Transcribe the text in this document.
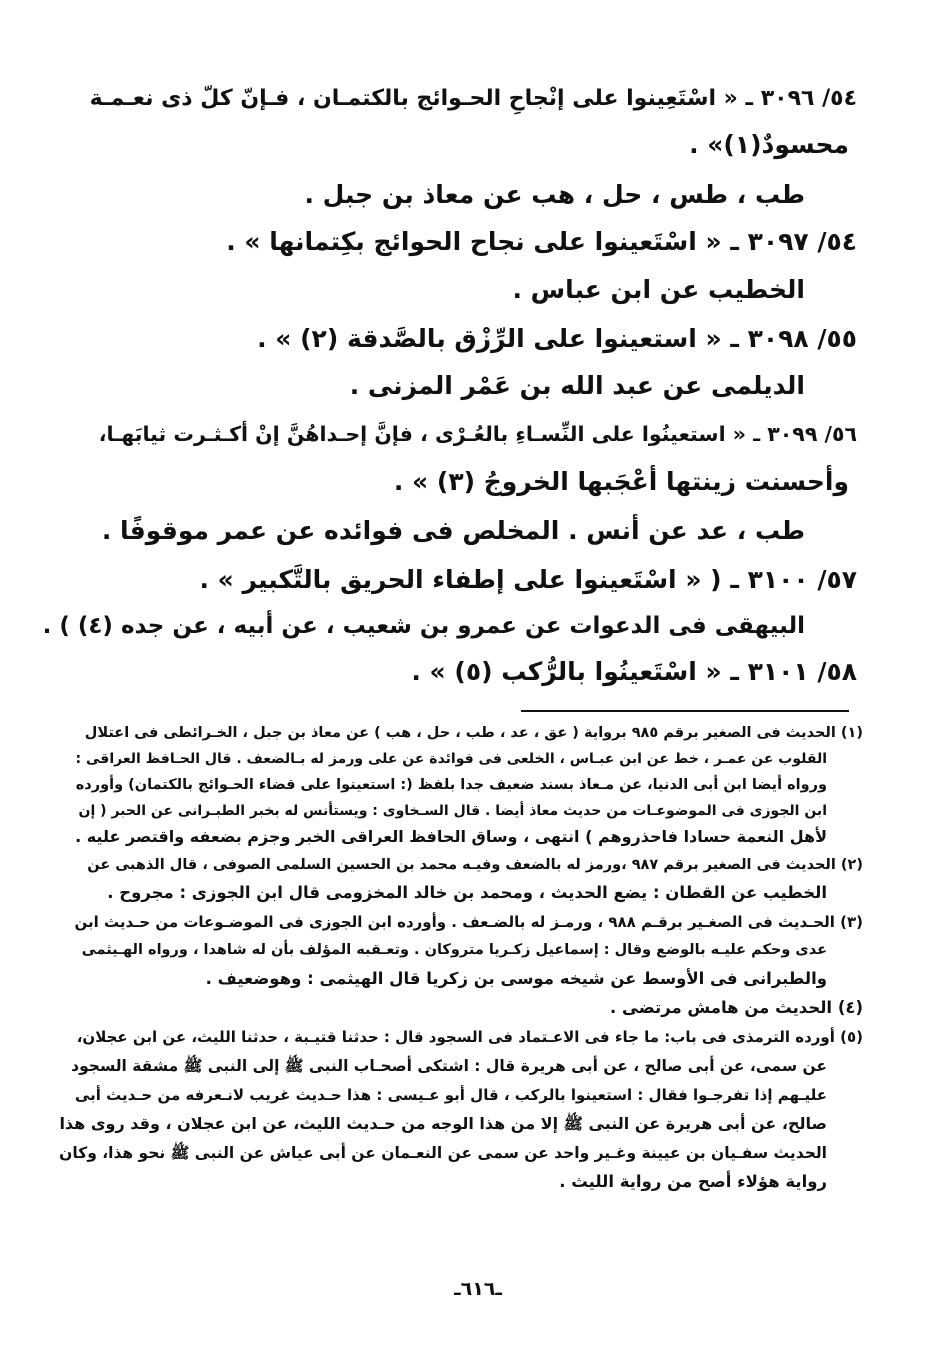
٥٤/ ٣٠٩٦ ـ « اسْتَعِينوا على إنْجاحِ الحـوائج بالكتمـان ، فـإنّ كلّ ذى نعـمـة
محسودٌ(١)» .
طب ، طس ، حل ، هب عن معاذ بن جبل .
٥٤/ ٣٠٩٧ ـ « اسْتَعينوا على نجاح الحوائج بكِتمانها » .
الخطيب عن ابن عباس .
٥٥/ ٣٠٩٨ ـ « استعينوا على الرِّزْق بالصَّدقة (٢) » .
الديلمى عن عبد الله بن عَمْر المزنى .
٥٦/ ٣٠٩٩ ـ « استعينُوا على النِّسـاءِ بالعُـرْى ، فإنَّ إحـداهُنَّ إنْ أكـثـرت ثيابَهـا،
وأحسنت زينتها أعْجَبها الخروجُ (٣) » .
طب ، عد عن أنس . المخلص فى فوائده عن عمر موقوفًا .
٥٧/ ٣١٠٠ ـ ( « اسْتَعينوا على إطفاء الحريق بالتَّكبير » .
البيهقى فى الدعوات عن عمرو بن شعيب ، عن أبيه ، عن جده (٤) ) .
٥٨/ ٣١٠١ ـ « اسْتَعينُوا بالرُّكب (٥) » .
(١) الحديث فى الصغير برقم ٩٨٥ برواية ( عق ، عد ، طب ، حل ، هب ) عن معاذ بن جبل ، الخـرائطى فى اعتلال
القلوب عن عمـر ، خط عن ابن عبـاس ، الخلعى فى فوائدة عن على ورمز له بـالضعف . قال الحـافظ العراقى :
ورواه أيضا ابن أبى الدنيا، عن مـعاذ بسند ضعيف جدا بلفظ (: استعينوا على قضاء الحـوائج بالكتمان) وأورده
ابن الجوزى فى الموضوعـات من حديث معاذ أيضا . قال السـخاوى : ويستأنس له بخبر الطبـرانى عن الحبر ( إن
لأهل النعمة حسادا فاحذروهم ) انتهى ، وساق الحافظ العراقى الخبر وجزم بضعفه واقتصر عليه .
(٢) الحديث فى الصغير برقم ٩٨٧ ،ورمز له بالضعف وفيـه محمد بن الحسين السلمى الصوفى ، قال الذهبى عن
الخطيب عن القطان : يضع الحديث ، ومحمد بن خالد المخزومى قال ابن الجوزى : مجروح .
(٣) الحـديث فى الصغـير برقـم ٩٨٨ ، ورمـز له بالضـعف . وأورده ابن الجوزى فى الموضـوعات من حـديث ابن
عدى وحكم عليـه بالوضع وقال : إسماعيل زكـريا متروكان . وتعـقبه المؤلف بأن له شاهدا ، ورواه الهـيثمى
والطبرانى فى الأوسط عن شيخه موسى بن زكريا قال الهيثمى : وهوضعيف .
(٤) الحديث من هامش مرتضى .
(٥) أورده الترمذى فى باب: ما جاء فى الاعـتماد فى السجود قال : حدثنا قتيـبة ، حدثنا الليث، عن ابن عجلان،
عن سمى، عن أبى صالح ، عن أبى هريرة قال : اشتكى أصحـاب النبى ﷺ إلى النبى ﷺ مشقة السجود
عليـهم إذا تفرجـوا فقال : استعينوا بالركب ، قال أبو عـيسى : هذا حـديث غريب لانـعرفه من حـديث أبى
صالح، عن أبى هريرة عن النبى ﷺ إلا من هذا الوجه من حـديث الليث، عن ابن عجلان ، وقد روى هذا
الحديث سفـيان بن عيينة وغـير واحد عن سمى عن النعـمان عن أبى عياش عن النبى ﷺ نحو هذا، وكان
رواية هؤلاء أصح من رواية الليث .
ـ٦١٦ـ
